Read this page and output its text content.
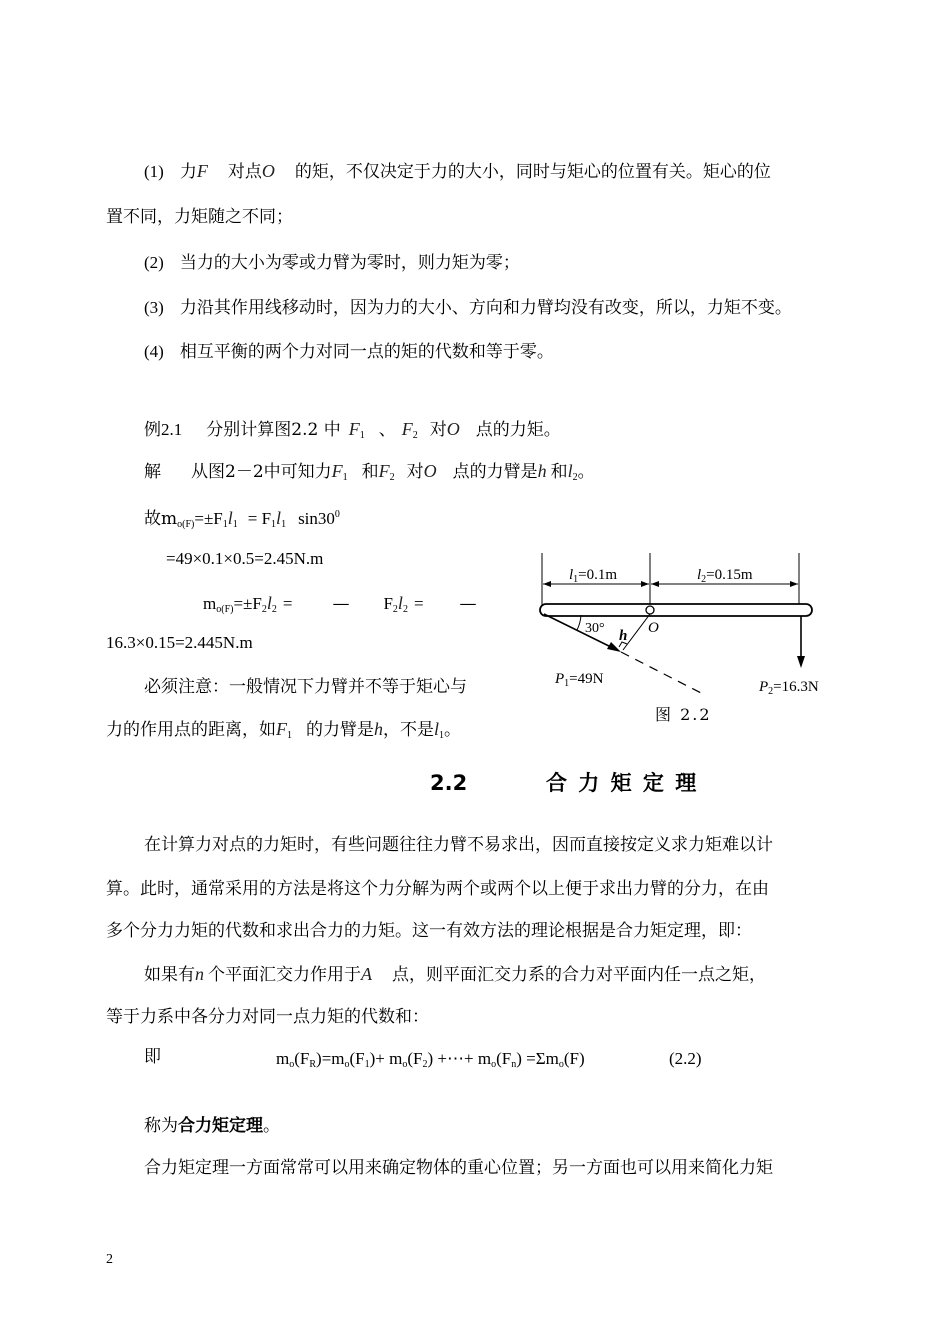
(1) 力F 对点O 的矩，不仅决定于力的大小，同时与矩心的位置有关。矩心的位
置不同，力矩随之不同；
(2) 当力的大小为零或力臂为零时，则力矩为零；
(3) 力沿其作用线移动时，因为力的大小、方向和力臂均没有改变，所以，力矩不变。
(4) 相互平衡的两个力对同一点的矩的代数和等于零。
例2.1 分别计算图2.2 中 $F_1$ 、 $F_2$ 对O 点的力矩。
解 从图2－2中可知力$F_1$ 和$F_2$ 对O 点的力臂是h 和$l_2$。
故$m_{o(F)}=\pm F_1l_1 = F_1l_1$ $\sin 30^0$
=49×0.1×0.5=2.45N.m
$m_{o(F)}=\pm F_2l_2$ = — $F_2l_2$ = —
16.3×0.15=2.445N.m
必须注意：一般情况下力臂并不等于矩心与
力的作用点的距离，如$F_1$ 的力臂是h，不是$l_1$。
$l_1=0.1m$	$l_2=0.15m$
O
h
30°
$P_1=49N$	$P_2=16.3N$
图 2.2
2.2	合 力 矩 定 理
在计算力对点的力矩时，有些问题往往力臂不易求出，因而直接按定义求力矩难以计
算。此时，通常采用的方法是将这个力分解为两个或两个以上便于求出力臂的分力，在由
多个分力力矩的代数和求出合力的力矩。这一有效方法的理论根据是合力矩定理，即：
如果有n 个平面汇交力作用于A 点，则平面汇交力系的合力对平面内任一点之矩，
等于力系中各分力对同一点力矩的代数和：
即	$m_o(F_R)=m_o(F_1)+ m_o(F_2)$ +⋯+ $m_o(F_n) =\Sigma m_o(F)$	(2.2)
称为合力矩定理。
合力矩定理一方面常常可以用来确定物体的重心位置；另一方面也可以用来简化力矩
2
